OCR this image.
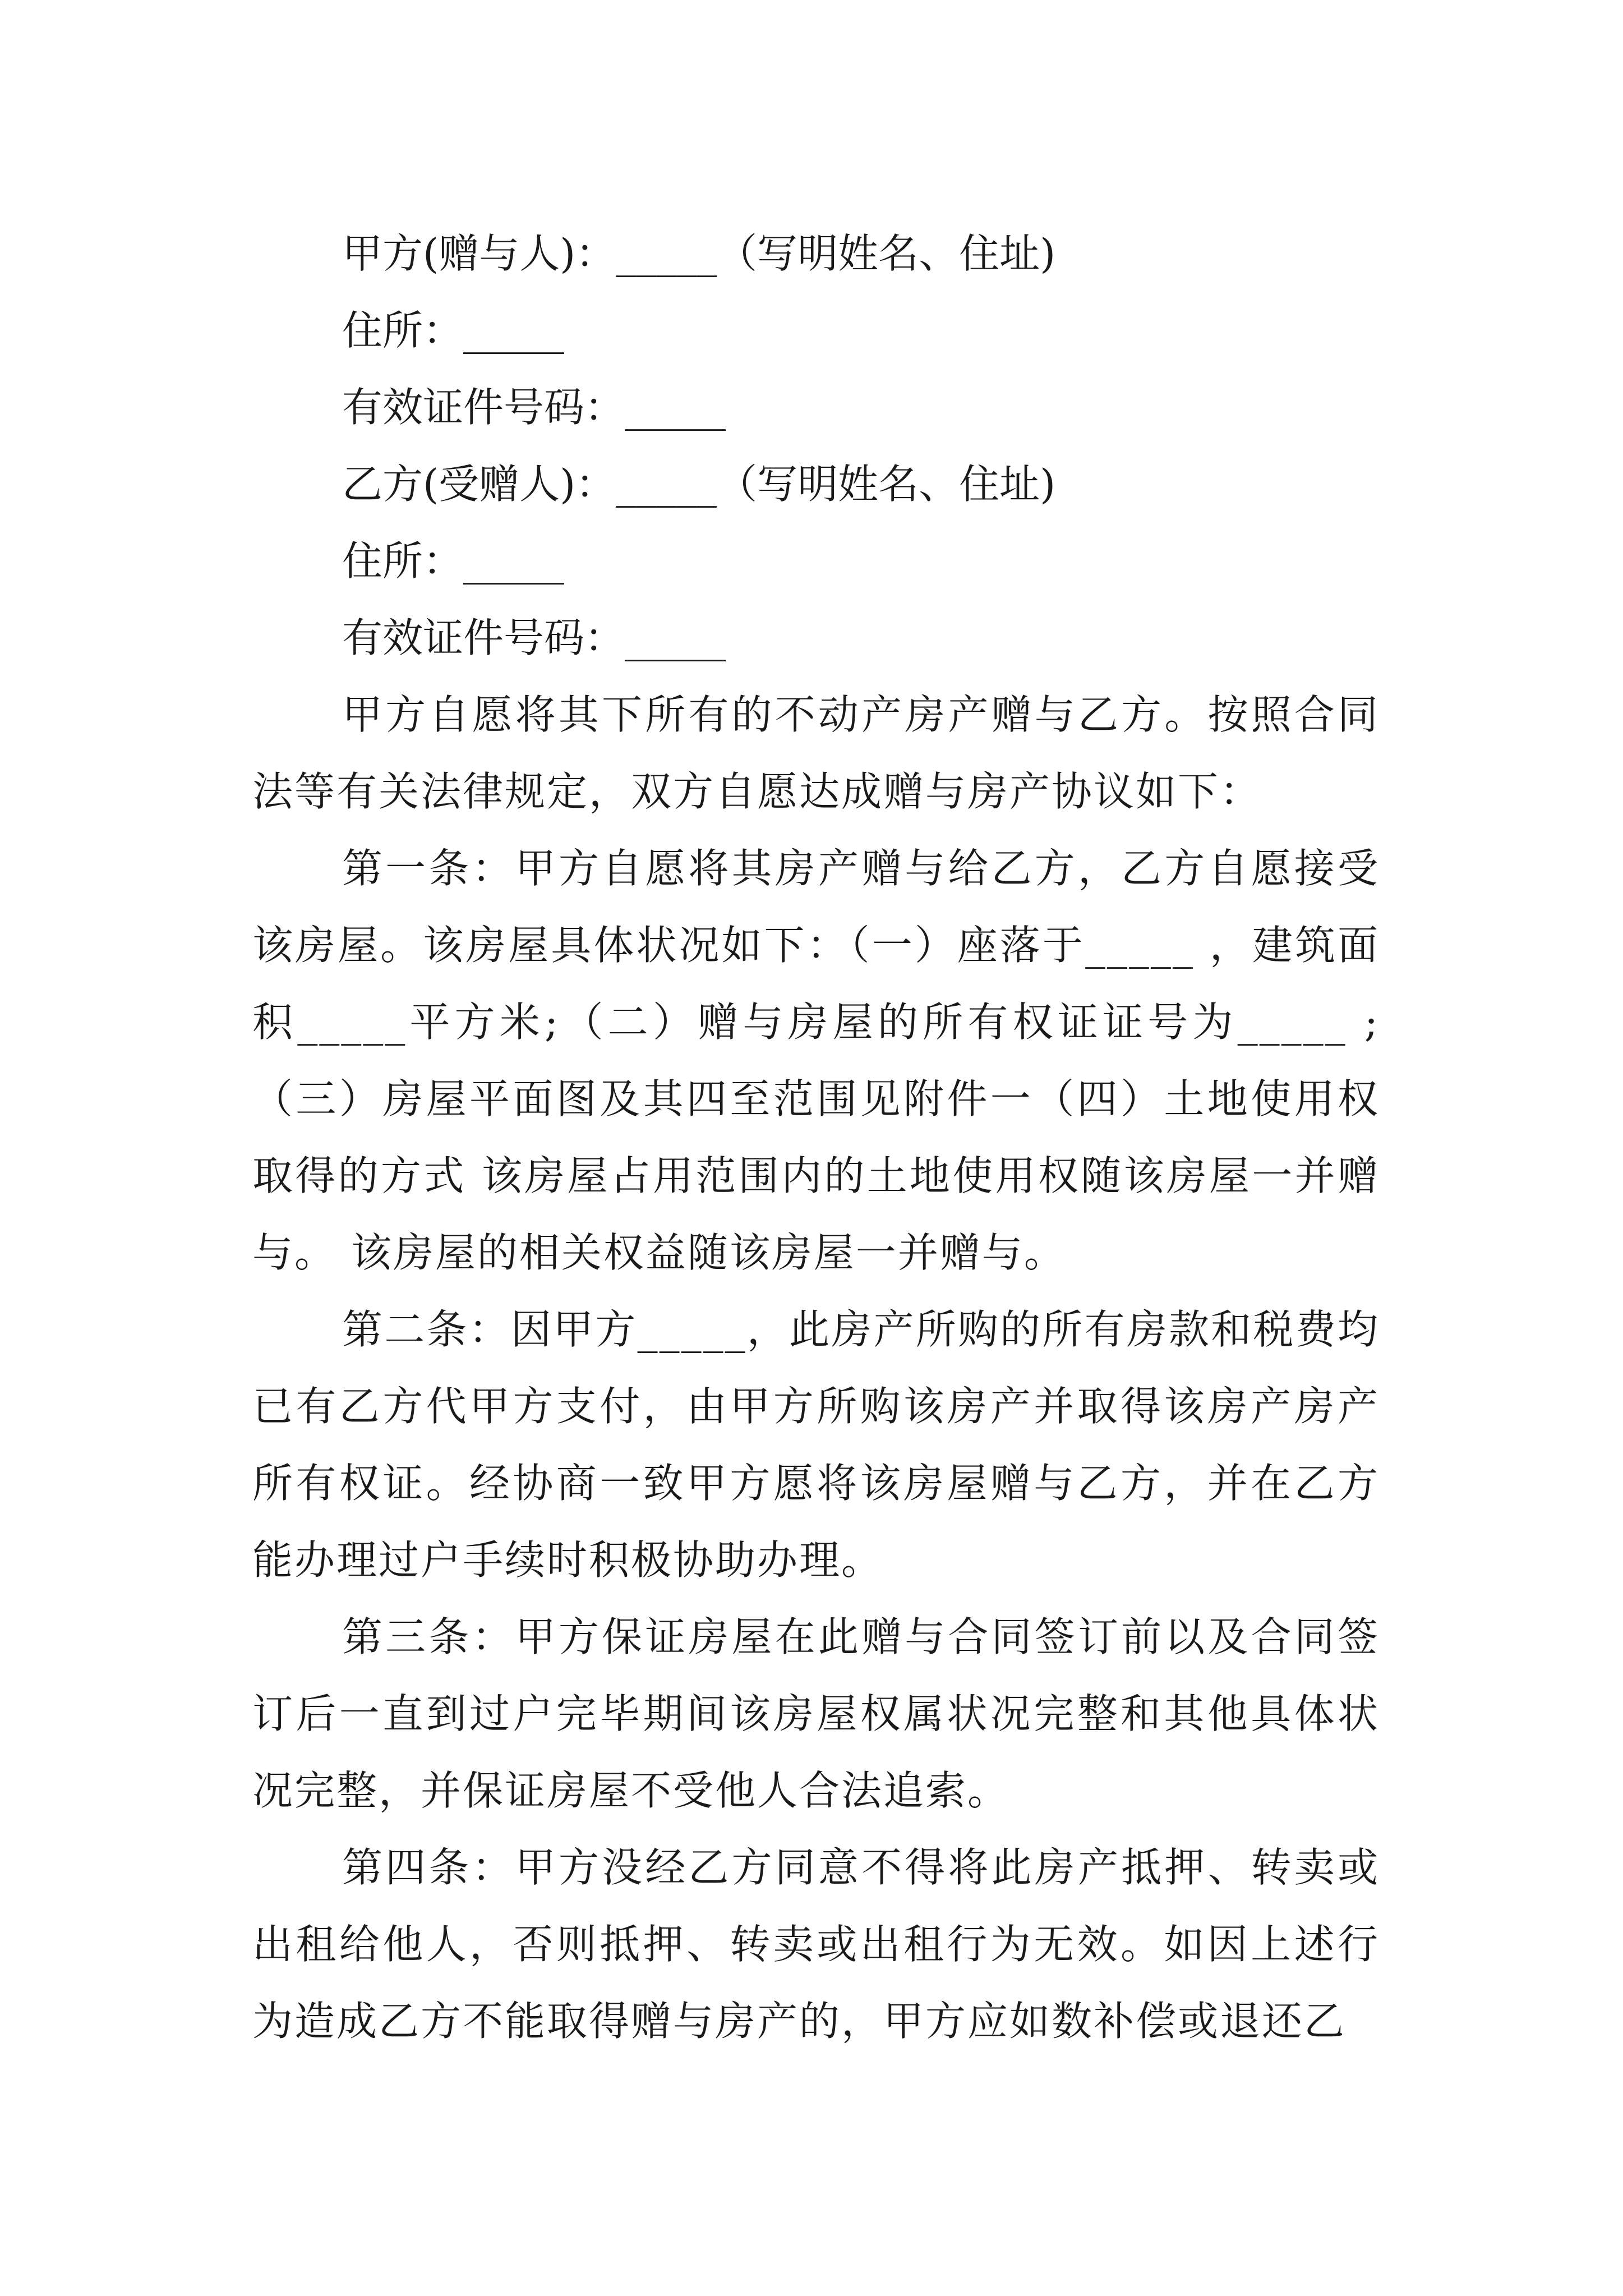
甲方(赠与人)：_____（写明姓名、住址)

住所：_____

有效证件号码：_____

乙方(受赠人)：_____（写明姓名、住址)

住所：_____

有效证件号码：_____

甲方自愿将其下所有的不动产房产赠与乙方。按照合同法等有关法律规定，双方自愿达成赠与房产协议如下：

第一条：甲方自愿将其房产赠与给乙方，乙方自愿接受该房屋。该房屋具体状况如下：（一）座落于_____ ，建筑面积_____平方米;（二）赠与房屋的所有权证证号为_____ ;（三）房屋平面图及其四至范围见附件一（四）土地使用权取得的方式 该房屋占用范围内的土地使用权随该房屋一并赠与。 该房屋的相关权益随该房屋一并赠与。

第二条：因甲方_____，此房产所购的所有房款和税费均已有乙方代甲方支付，由甲方所购该房产并取得该房产房产所有权证。经协商一致甲方愿将该房屋赠与乙方，并在乙方能办理过户手续时积极协助办理。

第三条：甲方保证房屋在此赠与合同签订前以及合同签订后一直到过户完毕期间该房屋权属状况完整和其他具体状况完整，并保证房屋不受他人合法追索。

第四条：甲方没经乙方同意不得将此房产抵押、转卖或出租给他人，否则抵押、转卖或出租行为无效。如因上述行为造成乙方不能取得赠与房产的，甲方应如数补偿或退还乙
